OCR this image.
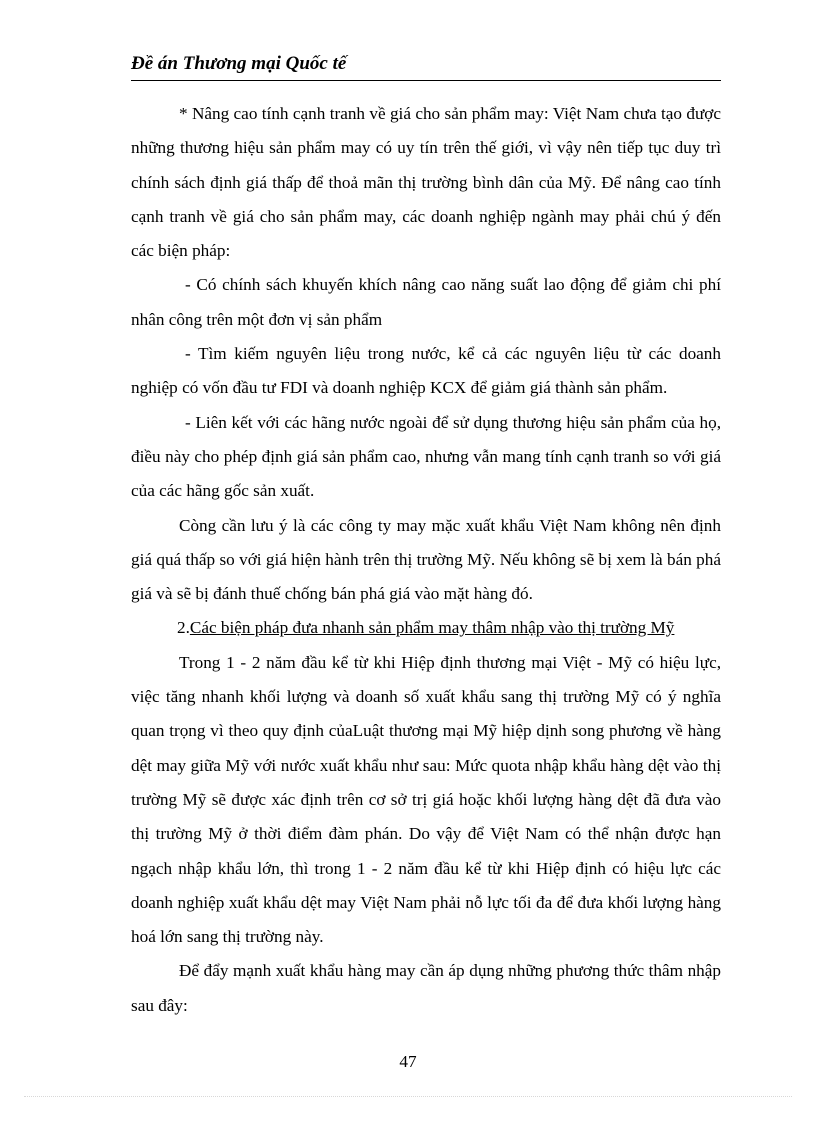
Đề án Thương mại Quốc tế

* Nâng cao tính cạnh tranh về giá cho sản phẩm may: Việt Nam chưa tạo được những thương hiệu sản phẩm may có uy tín trên thế giới, vì vậy nên tiếp tục duy trì chính sách định giá thấp để thoả mãn thị trường bình dân của Mỹ. Để nâng cao tính cạnh tranh về giá cho sản phẩm may, các doanh nghiệp ngành may phải chú ý đến các biện pháp:

- Có chính sách khuyến khích nâng cao năng suất lao động để giảm chi phí nhân công trên một đơn vị sản phẩm

- Tìm kiếm nguyên liệu trong nước, kể cả các nguyên liệu từ các doanh nghiệp có vốn đầu tư FDI và doanh nghiệp KCX để giảm giá thành sản phẩm.

- Liên kết với các hãng nước ngoài để sử dụng thương hiệu sản phẩm của họ, điều này cho phép định giá sản phẩm cao, nhưng vẫn mang tính cạnh tranh so với giá của các hãng gốc sản xuất.

Còng cần lưu ý là các công ty may mặc xuất khẩu Việt Nam không nên định giá quá thấp so với giá hiện hành trên thị trường Mỹ. Nếu không sẽ bị xem là bán phá giá và sẽ bị đánh thuế chống bán phá giá vào mặt hàng đó.

2.Các biện pháp đưa nhanh sản phẩm may thâm nhập vào thị trường Mỹ

Trong 1 - 2 năm đầu kể từ khi Hiệp định thương mại Việt - Mỹ có hiệu lực, việc tăng nhanh khối lượng và doanh số xuất khẩu sang thị trường Mỹ có ý nghĩa quan trọng vì theo quy định củaLuật thương mại Mỹ hiệp dịnh song phương về hàng dệt may giữa Mỹ với nước xuất khẩu như sau: Mức quota nhập khẩu hàng dệt vào thị trường Mỹ sẽ được xác định trên cơ sở trị giá hoặc khối lượng hàng dệt đã đưa vào thị trường Mỹ ở thời điểm đàm phán. Do vậy để Việt Nam có thể nhận được hạn ngạch nhập khẩu lớn, thì trong 1 - 2 năm đầu kể từ khi Hiệp định có hiệu lực các doanh nghiệp xuất khẩu dệt may Việt Nam phải nỗ lực tối đa để đưa khối lượng hàng hoá lớn sang thị trường này.

Để đẩy mạnh xuất khẩu hàng may cần áp dụng những phương thức thâm nhập sau đây:

47
